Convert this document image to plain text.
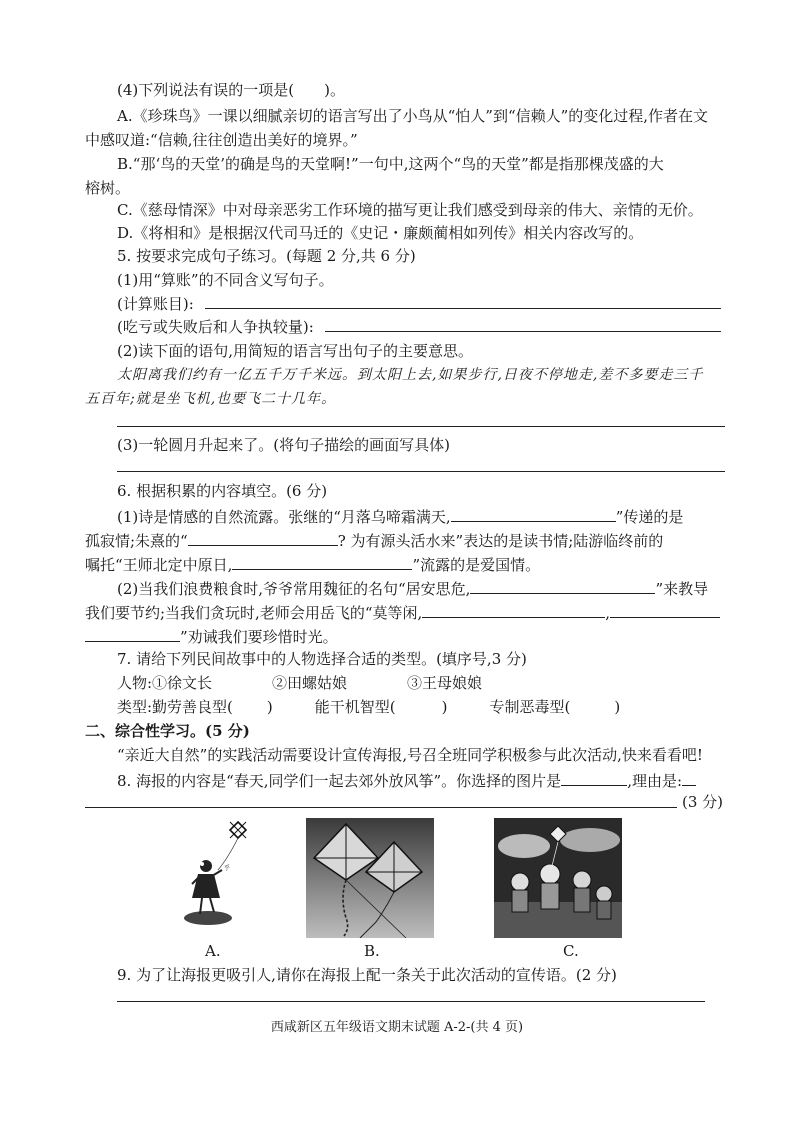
(4)下列说法有误的一项是(　　)。
A.《珍珠鸟》一课以细腻亲切的语言写出了小鸟从“怕人”到“信赖人”的变化过程,作者在文
中感叹道:“信赖,往往创造出美好的境界。”
B.“那‘鸟的天堂’的确是鸟的天堂啊!”一句中,这两个“鸟的天堂”都是指那棵茂盛的大
榕树。
C.《慈母情深》中对母亲恶劣工作环境的描写更让我们感受到母亲的伟大、亲情的无价。
D.《将相和》是根据汉代司马迁的《史记・廉颇蔺相如列传》相关内容改写的。
5. 按要求完成句子练习。(每题 2 分,共 6 分)
(1)用“算账”的不同含义写句子。
(计算账目):
(吃亏或失败后和人争执较量):
(2)读下面的语句,用简短的语言写出句子的主要意思。
太阳离我们约有一亿五千万千米远。到太阳上去,如果步行,日夜不停地走,差不多要走三千
五百年;就是坐飞机,也要飞二十几年。
(3)一轮圆月升起来了。(将句子描绘的画面写具体)
6. 根据积累的内容填空。(6 分)
(1)诗是情感的自然流露。张继的“月落乌啼霜满天,	”传递的是
孤寂情;朱熹的“	? 为有源头活水来”表达的是读书情;陆游临终前的
嘱托“王师北定中原日,	”流露的是爱国情。
(2)当我们浪费粮食时,爷爷常用魏征的名句“居安思危,	”来教导
我们要节约;当我们贪玩时,老师会用岳飞的“莫等闲,	,
”劝诫我们要珍惜时光。
7. 请给下列民间故事中的人物选择合适的类型。(填序号,3 分)
人物:①徐文长　　　　②田螺姑娘　　　　③王母娘娘
类型:勤劳善良型( )	能干机智型(	)	专制恶毒型(	)
二、综合性学习。(5 分)
“亲近大自然”的实践活动需要设计宣传海报,号召全班同学积极参与此次活动,快来看看吧!
8. 海报的内容是“春天,同学们一起去郊外放风筝”。你选择的图片是	,理由是:
(3 分)
乎
A.	B.	C.
9. 为了让海报更吸引人,请你在海报上配一条关于此次活动的宣传语。(2 分)
西咸新区五年级语文期末试题 A-2-(共 4 页)
